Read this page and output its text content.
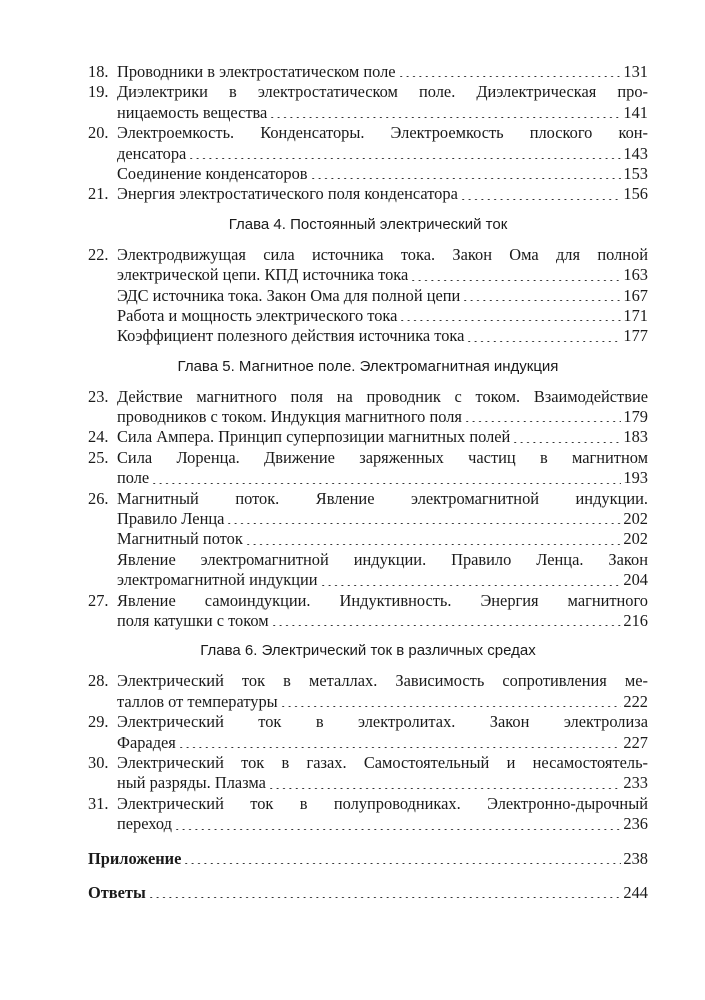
18. Проводники в электростатическом поле	131
19. Диэлектрики в электростатическом поле. Диэлектрическая про-
ницаемость вещества	141
20. Электроемкость. Конденсаторы. Электроемкость плоского кон-
денсатора	143
Соединение конденсаторов	153
21. Энергия электростатического поля конденсатора	156
Глава 4. Постоянный электрический ток
22. Электродвижущая сила источника тока. Закон Ома для полной
электрической цепи. КПД источника тока	163
ЭДС источника тока. Закон Ома для полной цепи	167
Работа и мощность электрического тока	171
Коэффициент полезного действия источника тока	177
Глава 5. Магнитное поле. Электромагнитная индукция
23. Действие магнитного поля на проводник с током. Взаимодействие
проводников с током. Индукция магнитного поля	179
24. Сила Ампера. Принцип суперпозиции магнитных полей	183
25. Сила Лоренца. Движение заряженных частиц в магнитном
поле	193
26. Магнитный поток. Явление электромагнитной индукции.
Правило Ленца	202
Магнитный поток	202
Явление электромагнитной индукции. Правило Ленца. Закон
электромагнитной индукции	204
27. Явление самоиндукции. Индуктивность. Энергия магнитного
поля катушки с током	216
Глава 6. Электрический ток в различных средах
28. Электрический ток в металлах. Зависимость сопротивления ме-
таллов от температуры	222
29. Электрический ток в электролитах. Закон электролиза
Фарадея	227
30. Электрический ток в газах. Самостоятельный и несамостоятель-
ный разряды. Плазма	233
31. Электрический ток в полупроводниках. Электронно-дырочный
переход	236
Приложение	238
Ответы	244
